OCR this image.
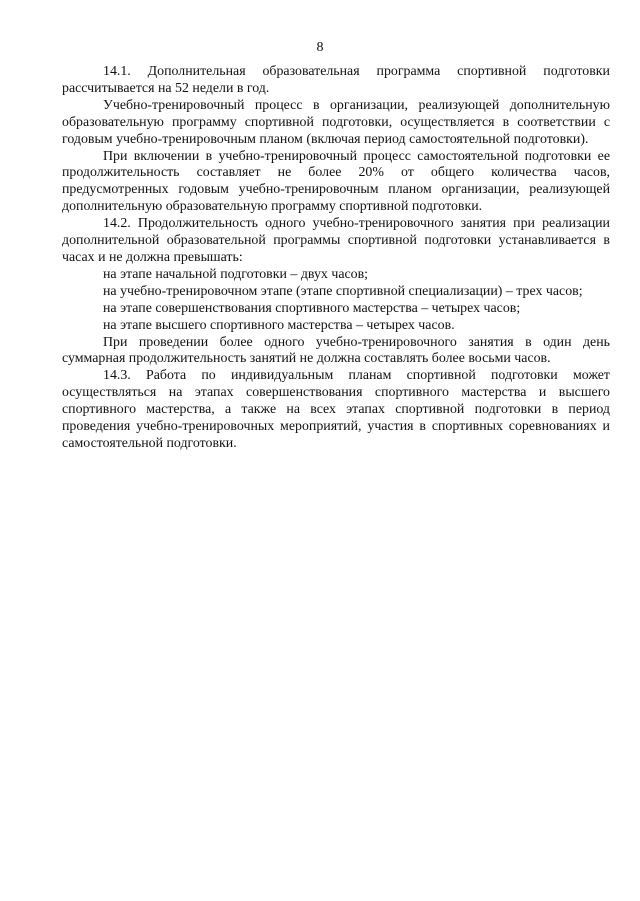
8

14.1. Дополнительная образовательная программа спортивной подготовки рассчитывается на 52 недели в год.

Учебно-тренировочный процесс в организации, реализующей дополнительную образовательную программу спортивной подготовки, осуществляется в соответствии с годовым учебно-тренировочным планом (включая период самостоятельной подготовки).

При включении в учебно-тренировочный процесс самостоятельной подготовки ее продолжительность составляет не более 20% от общего количества часов, предусмотренных годовым учебно-тренировочным планом организации, реализующей дополнительную образовательную программу спортивной подготовки.

14.2. Продолжительность одного учебно-тренировочного занятия при реализации дополнительной образовательной программы спортивной подготовки устанавливается в часах и не должна превышать:

на этапе начальной подготовки – двух часов;

на учебно-тренировочном этапе (этапе спортивной специализации) – трех часов;

на этапе совершенствования спортивного мастерства – четырех часов;

на этапе высшего спортивного мастерства – четырех часов.

При проведении более одного учебно-тренировочного занятия в один день суммарная продолжительность занятий не должна составлять более восьми часов.

14.3. Работа по индивидуальным планам спортивной подготовки может осуществляться на этапах совершенствования спортивного мастерства и высшего спортивного мастерства, а также на всех этапах спортивной подготовки в период проведения учебно-тренировочных мероприятий, участия в спортивных соревнованиях и самостоятельной подготовки.
